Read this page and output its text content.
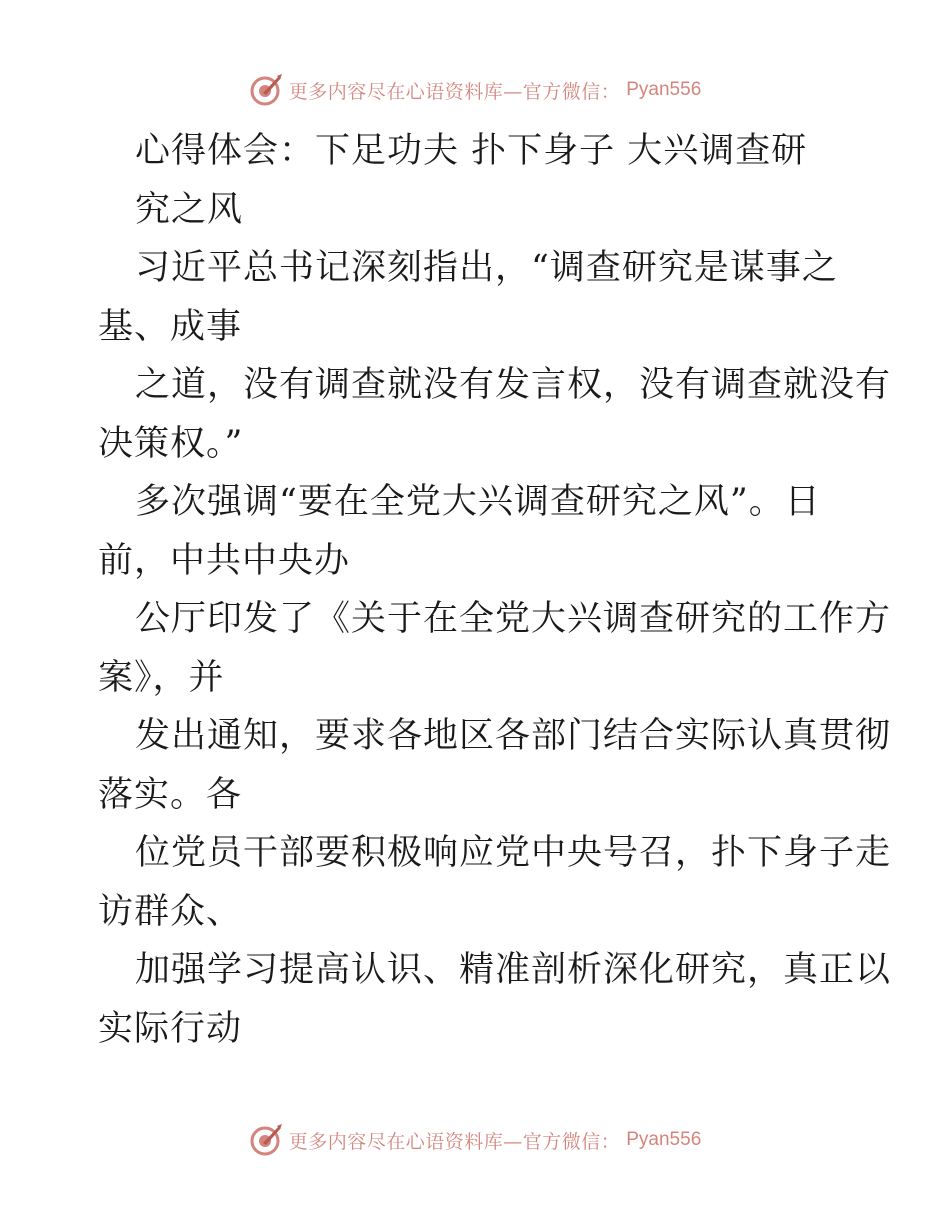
更多内容尽在心语资料库—官方微信： Pyan556
心得体会：下足功夫 扑下身子 大兴调查研
究之风
习近平总书记深刻指出，“调查研究是谋事之
基、成事
之道，没有调查就没有发言权，没有调查就没有
决策权。”
多次强调“要在全党大兴调查研究之风”。日
前，中共中央办
公厅印发了《关于在全党大兴调查研究的工作方
案》，并
发出通知，要求各地区各部门结合实际认真贯彻
落实。各
位党员干部要积极响应党中央号召，扑下身子走
访群众、
加强学习提高认识、精准剖析深化研究，真正以
实际行动
更多内容尽在心语资料库—官方微信： Pyan556
